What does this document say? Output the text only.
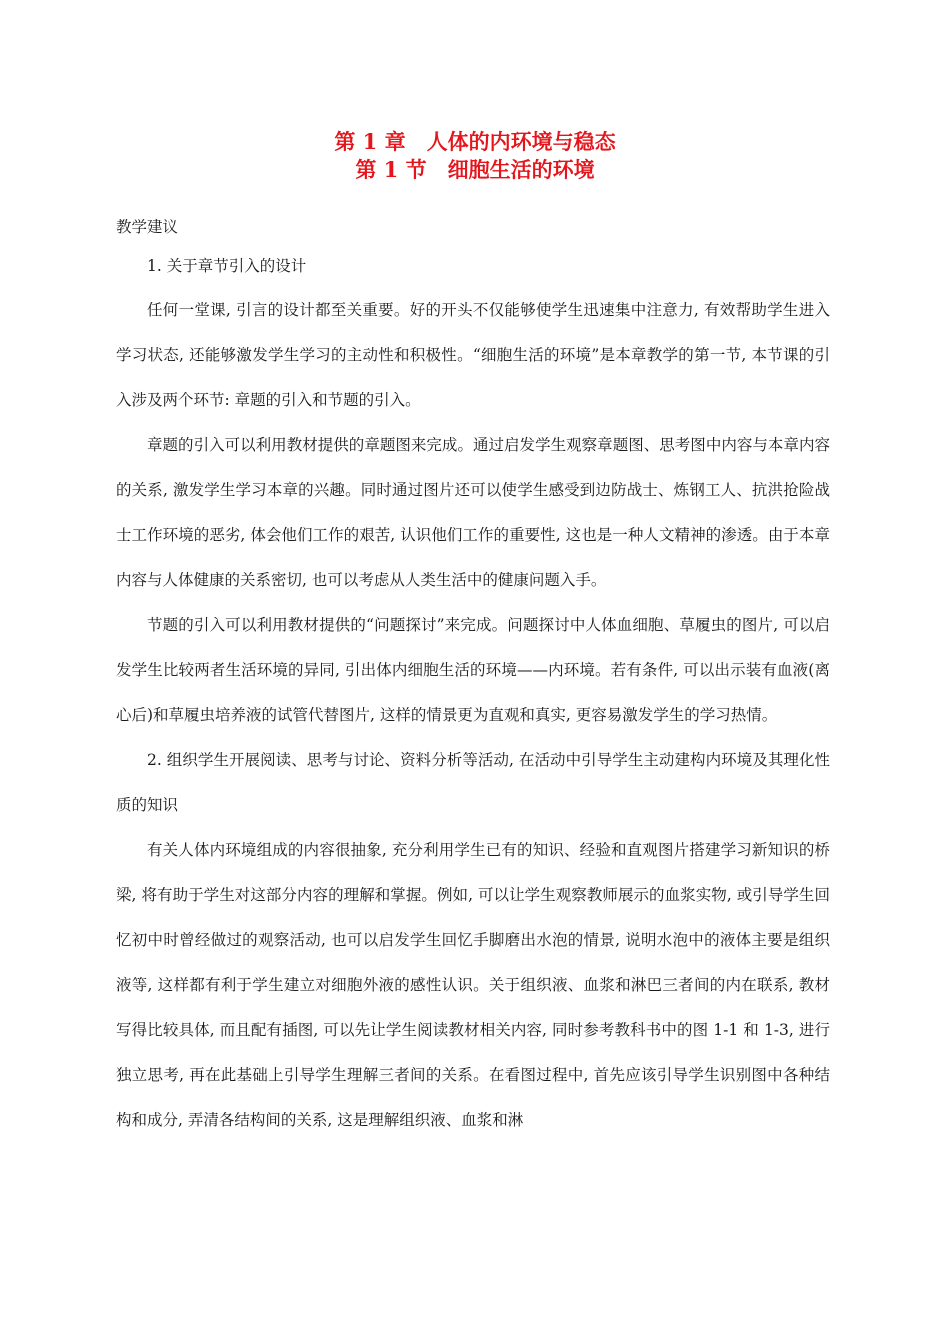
第 1 章　人体的内环境与稳态
第 1 节　细胞生活的环境
教学建议

1. 关于章节引入的设计

任何一堂课, 引言的设计都至关重要。好的开头不仅能够使学生迅速集中注意力, 有效帮助学生进入学习状态, 还能够激发学生学习的主动性和积极性。“细胞生活的环境”是本章教学的第一节, 本节课的引入涉及两个环节: 章题的引入和节题的引入。

章题的引入可以利用教材提供的章题图来完成。通过启发学生观察章题图、思考图中内容与本章内容的关系, 激发学生学习本章的兴趣。同时通过图片还可以使学生感受到边防战士、炼钢工人、抗洪抢险战士工作环境的恶劣, 体会他们工作的艰苦, 认识他们工作的重要性, 这也是一种人文精神的渗透。由于本章内容与人体健康的关系密切, 也可以考虑从人类生活中的健康问题入手。

节题的引入可以利用教材提供的“问题探讨”来完成。问题探讨中人体血细胞、草履虫的图片, 可以启发学生比较两者生活环境的异同, 引出体内细胞生活的环境——内环境。若有条件, 可以出示装有血液(离心后)和草履虫培养液的试管代替图片, 这样的情景更为直观和真实, 更容易激发学生的学习热情。

2. 组织学生开展阅读、思考与讨论、资料分析等活动, 在活动中引导学生主动建构内环境及其理化性质的知识

有关人体内环境组成的内容很抽象, 充分利用学生已有的知识、经验和直观图片搭建学习新知识的桥梁, 将有助于学生对这部分内容的理解和掌握。例如, 可以让学生观察教师展示的血浆实物, 或引导学生回忆初中时曾经做过的观察活动, 也可以启发学生回忆手脚磨出水泡的情景, 说明水泡中的液体主要是组织液等, 这样都有利于学生建立对细胞外液的感性认识。关于组织液、血浆和淋巴三者间的内在联系, 教材写得比较具体, 而且配有插图, 可以先让学生阅读教材相关内容, 同时参考教科书中的图 1-1 和 1-3, 进行独立思考, 再在此基础上引导学生理解三者间的关系。在看图过程中, 首先应该引导学生识别图中各种结构和成分, 弄清各结构间的关系, 这是理解组织液、血浆和淋
